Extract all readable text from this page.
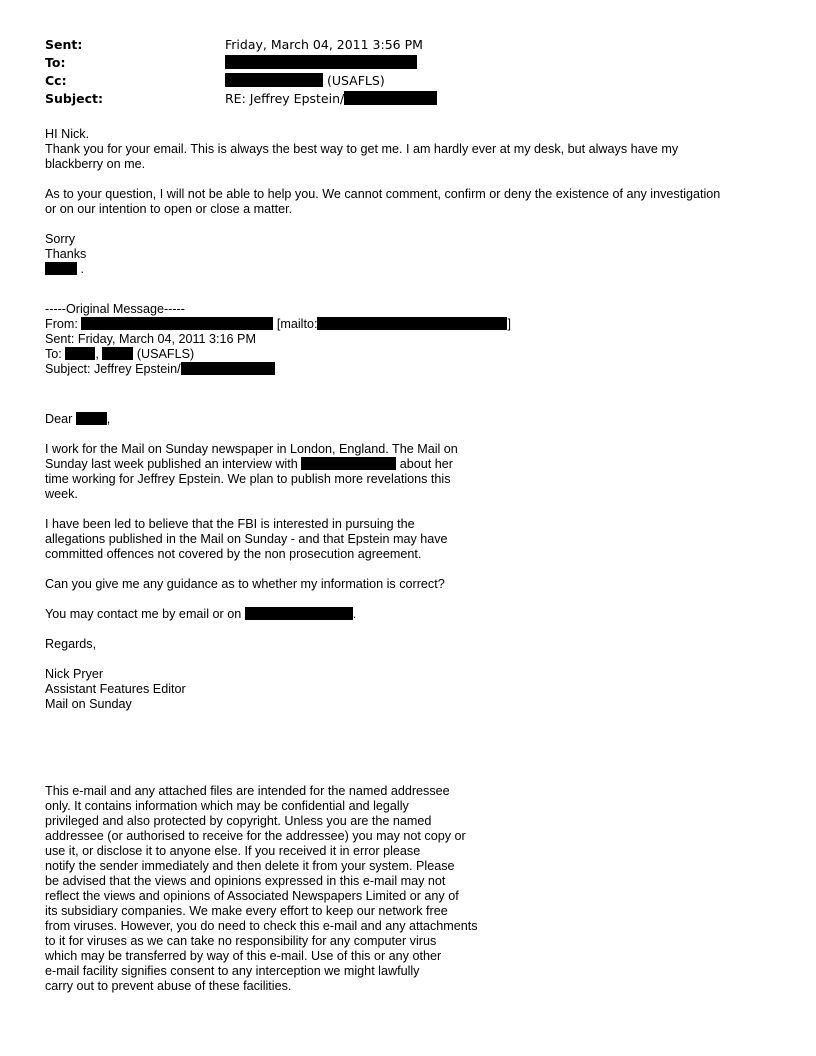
Sent:	Friday, March 04, 2011 3:56 PM
To:
Cc:	(USAFLS)
Subject:	RE: Jeffrey Epstein/
HI Nick.
Thank you for your email. This is always the best way to get me. I am hardly ever at my desk, but always have my
blackberry on me.
As to your question, I will not be able to help you. We cannot comment, confirm or deny the existence of any investigation
or on our intention to open or close a matter.
Sorry
Thanks
.
-----Original Message-----
From:	[mailto:	]
Sent: Friday, March 04, 2011 3:16 PM
To:	,	(USAFLS)
Subject: Jeffrey Epstein/
Dear	,
I work for the Mail on Sunday newspaper in London, England. The Mail on
Sunday last week published an interview with	about her
time working for Jeffrey Epstein. We plan to publish more revelations this
week.
I have been led to believe that the FBI is interested in pursuing the
allegations published in the Mail on Sunday - and that Epstein may have
committed offences not covered by the non prosecution agreement.
Can you give me any guidance as to whether my information is correct?
You may contact me by email or on	.
Regards,
Nick Pryer
Assistant Features Editor
Mail on Sunday
This e-mail and any attached files are intended for the named addressee
only. It contains information which may be confidential and legally
privileged and also protected by copyright. Unless you are the named
addressee (or authorised to receive for the addressee) you may not copy or
use it, or disclose it to anyone else. If you received it in error please
notify the sender immediately and then delete it from your system. Please
be advised that the views and opinions expressed in this e-mail may not
reflect the views and opinions of Associated Newspapers Limited or any of
its subsidiary companies. We make every effort to keep our network free
from viruses. However, you do need to check this e-mail and any attachments
to it for viruses as we can take no responsibility for any computer virus
which may be transferred by way of this e-mail. Use of this or any other
e-mail facility signifies consent to any interception we might lawfully
carry out to prevent abuse of these facilities.
